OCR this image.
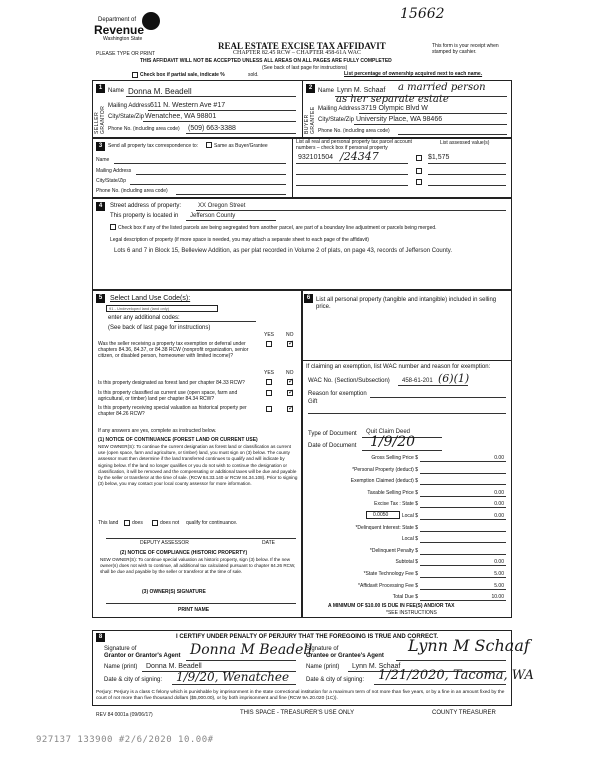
15662
Department of
Revenue
Washington State
PLEASE TYPE OR PRINT
REAL ESTATE EXCISE TAX AFFIDAVIT
CHAPTER 82.45 RCW – CHAPTER 458-61A WAC
THIS AFFIDAVIT WILL NOT BE ACCEPTED UNLESS ALL AREAS ON ALL PAGES ARE FULLY COMPLETED
(See back of last page for instructions)
This form is your receipt when stamped by cashier.
Check box if partial sale, indicate %	sold.	List percentage of ownership acquired next to each name.
1
SELLER GRANTOR
Name Donna M. Beadell
Mailing Address 611 N. Western Ave #17
City/State/Zip Wenatchee, WA 98801
Phone No. (including area code) (509) 663-3388
2
BUYER GRANTEE
Name Lynn M. Schaaf a married person
as her separate estate
Mailing Address 3719 Olympic Blvd W
City/State/Zip University Place, WA 98466
Phone No. (including area code)
3	Send all property tax correspondence to:	Same as Buyer/Grantee
Name
Mailing Address
City/State/Zip
Phone No. (including area code)
List all real and personal property tax parcel account numbers – check box if personal property
List assessed value(s)
932101504 /24347	$1,575
4	Street address of property:	XX Oregon Street
This property is located in Jefferson County
Check box if any of the listed parcels are being segregated from another parcel, are part of a boundary line adjustment or parcels being merged.
Legal description of property (if more space is needed, you may attach a separate sheet to each page of the affidavit)
Lots 6 and 7 in Block 15, Belleview Addition, as per plat recorded in Volume 2 of plats, on page 43, records of Jefferson County.
5	Select Land Use Code(s):
91 - Undeveloped land (land only)
enter any additional codes:
(See back of last page for instructions)
YES NO
Was the seller receiving a property tax exemption or deferral under chapters 84.36, 84.37, or 84.38 RCW (nonprofit organization, senior citizen, or disabled person, homeowner with limited income)?
✓
YES NO
Is this property designated as forest land per chapter 84.33 RCW?
✓
Is this property classified as current use (open space, farm and agricultural, or timber) land per chapter 84.34 RCW?
✓
Is this property receiving special valuation as historical property per chapter 84.26 RCW?
✓
If any answers are yes, complete as instructed below.
(1) NOTICE OF CONTINUANCE (FOREST LAND OR CURRENT USE)
NEW OWNER(S): To continue the current designation as forest land or classification as current use (open space, farm and agriculture, or timber) land, you must sign on (3) below. The county assessor must then determine if the land transferred continues to qualify and will indicate by signing below. If the land no longer qualifies or you do not wish to continue the designation or classification, it will be removed and the compensating or additional taxes will be due and payable by the seller or transferor at the time of sale. (RCW 84.33.140 or RCW 84.34.108). Prior to signing (3) below, you may contact your local county assessor for more information.
This land	does	does not qualify for continuance.
DEPUTY ASSESSOR	DATE
(2) NOTICE OF COMPLIANCE (HISTORIC PROPERTY)
NEW OWNER(S): To continue special valuation as historic property, sign (3) below. If the new owner(s) does not wish to continue, all additional tax calculated pursuant to chapter 84.26 RCW, shall be due and payable by the seller or transferor at the time of sale.
(3) OWNER(S) SIGNATURE
PRINT NAME
6 List all personal property (tangible and intangible) included in selling price.
If claiming an exemption, list WAC number and reason for exemption:
WAC No. (Section/Subsection) 458-61-201 (6)(1)
Reason for exemption
Gift
Type of Document Quit Claim Deed
Date of Document 1/9/20
Gross Selling Price $	0.00
*Personal Property (deduct) $
Exemption Claimed (deduct) $
Taxable Selling Price $	0.00
Excise Tax : State $	0.00
Local $	0.00
*Delinquent Interest: State $
Local $
*Delinquent Penalty $
Subtotal $	0.00
*State Technology Fee $	5.00
*Affidavit Processing Fee $	5.00
Total Due $	10.00
0.0050
A MINIMUM OF $10.00 IS DUE IN FEE(S) AND/OR TAX
*SEE INSTRUCTIONS
8	I CERTIFY UNDER PENALTY OF PERJURY THAT THE FOREGOING IS TRUE AND CORRECT.
Signature of
Grantor or Grantor's Agent Donna M Beadell
Name (print) Donna M. Beadell
Date & city of signing: 1/9/20, Wenatchee
Signature of
Grantee or Grantee's Agent
Lynn M Schaaf
Name (print) Lynn M. Schaaf
Date & city of signing: 1/21/2020, Tacoma, WA
Perjury: Perjury is a class C felony which is punishable by imprisonment in the state correctional institution for a maximum term of not more than five years, or by a fine in an amount fixed by the court of not more than five thousand dollars ($5,000.00), or by both imprisonment and fine (RCW 9A.20.020 (1C)).
REV 84 0001a (09/06/17)	THIS SPACE - TREASURER'S USE ONLY	COUNTY TREASURER
927137 133900 #2/6/2020 10.00#
